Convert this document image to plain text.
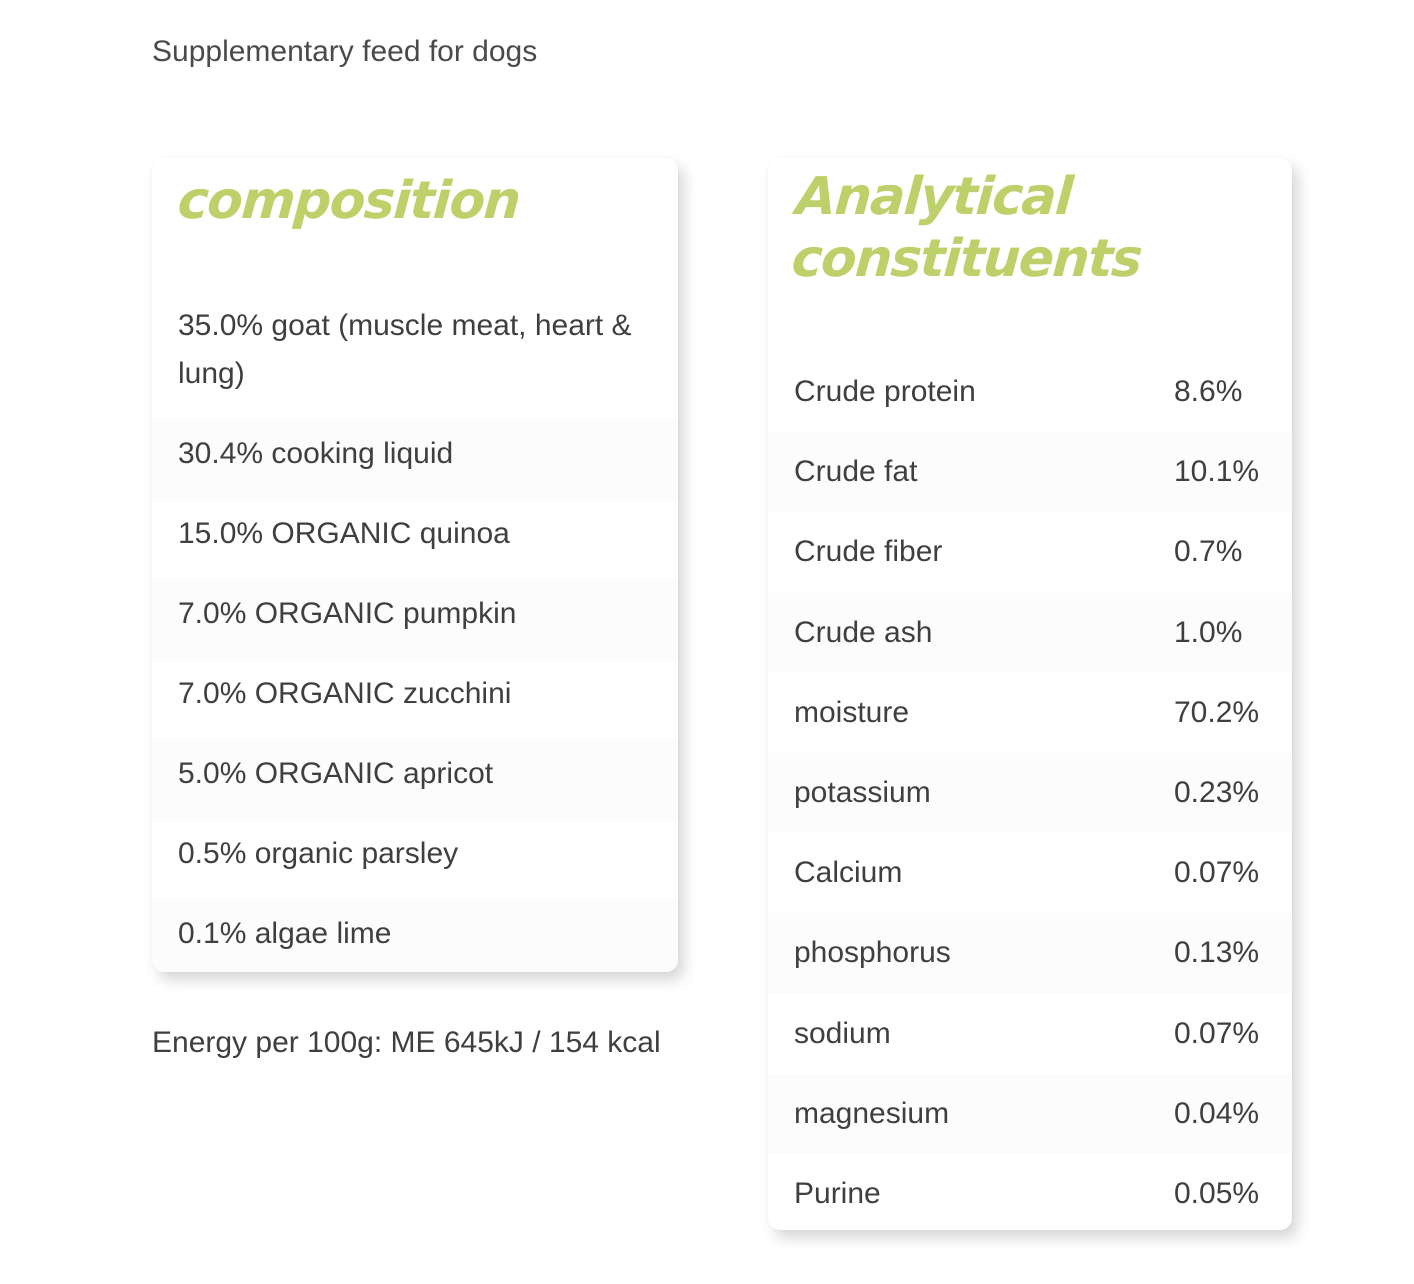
Supplementary feed for dogs

composition
35.0% goat (muscle meat, heart & lung)
30.4% cooking liquid
15.0% ORGANIC quinoa
7.0% ORGANIC pumpkin
7.0% ORGANIC zucchini
5.0% ORGANIC apricot
0.5% organic parsley
0.1% algae lime

Energy per 100g: ME 645kJ / 154 kcal

Analytical
constituents
Crude protein	8.6%
Crude fat	10.1%
Crude fiber	0.7%
Crude ash	1.0%
moisture	70.2%
potassium	0.23%
Calcium	0.07%
phosphorus	0.13%
sodium	0.07%
magnesium	0.04%
Purine	0.05%
